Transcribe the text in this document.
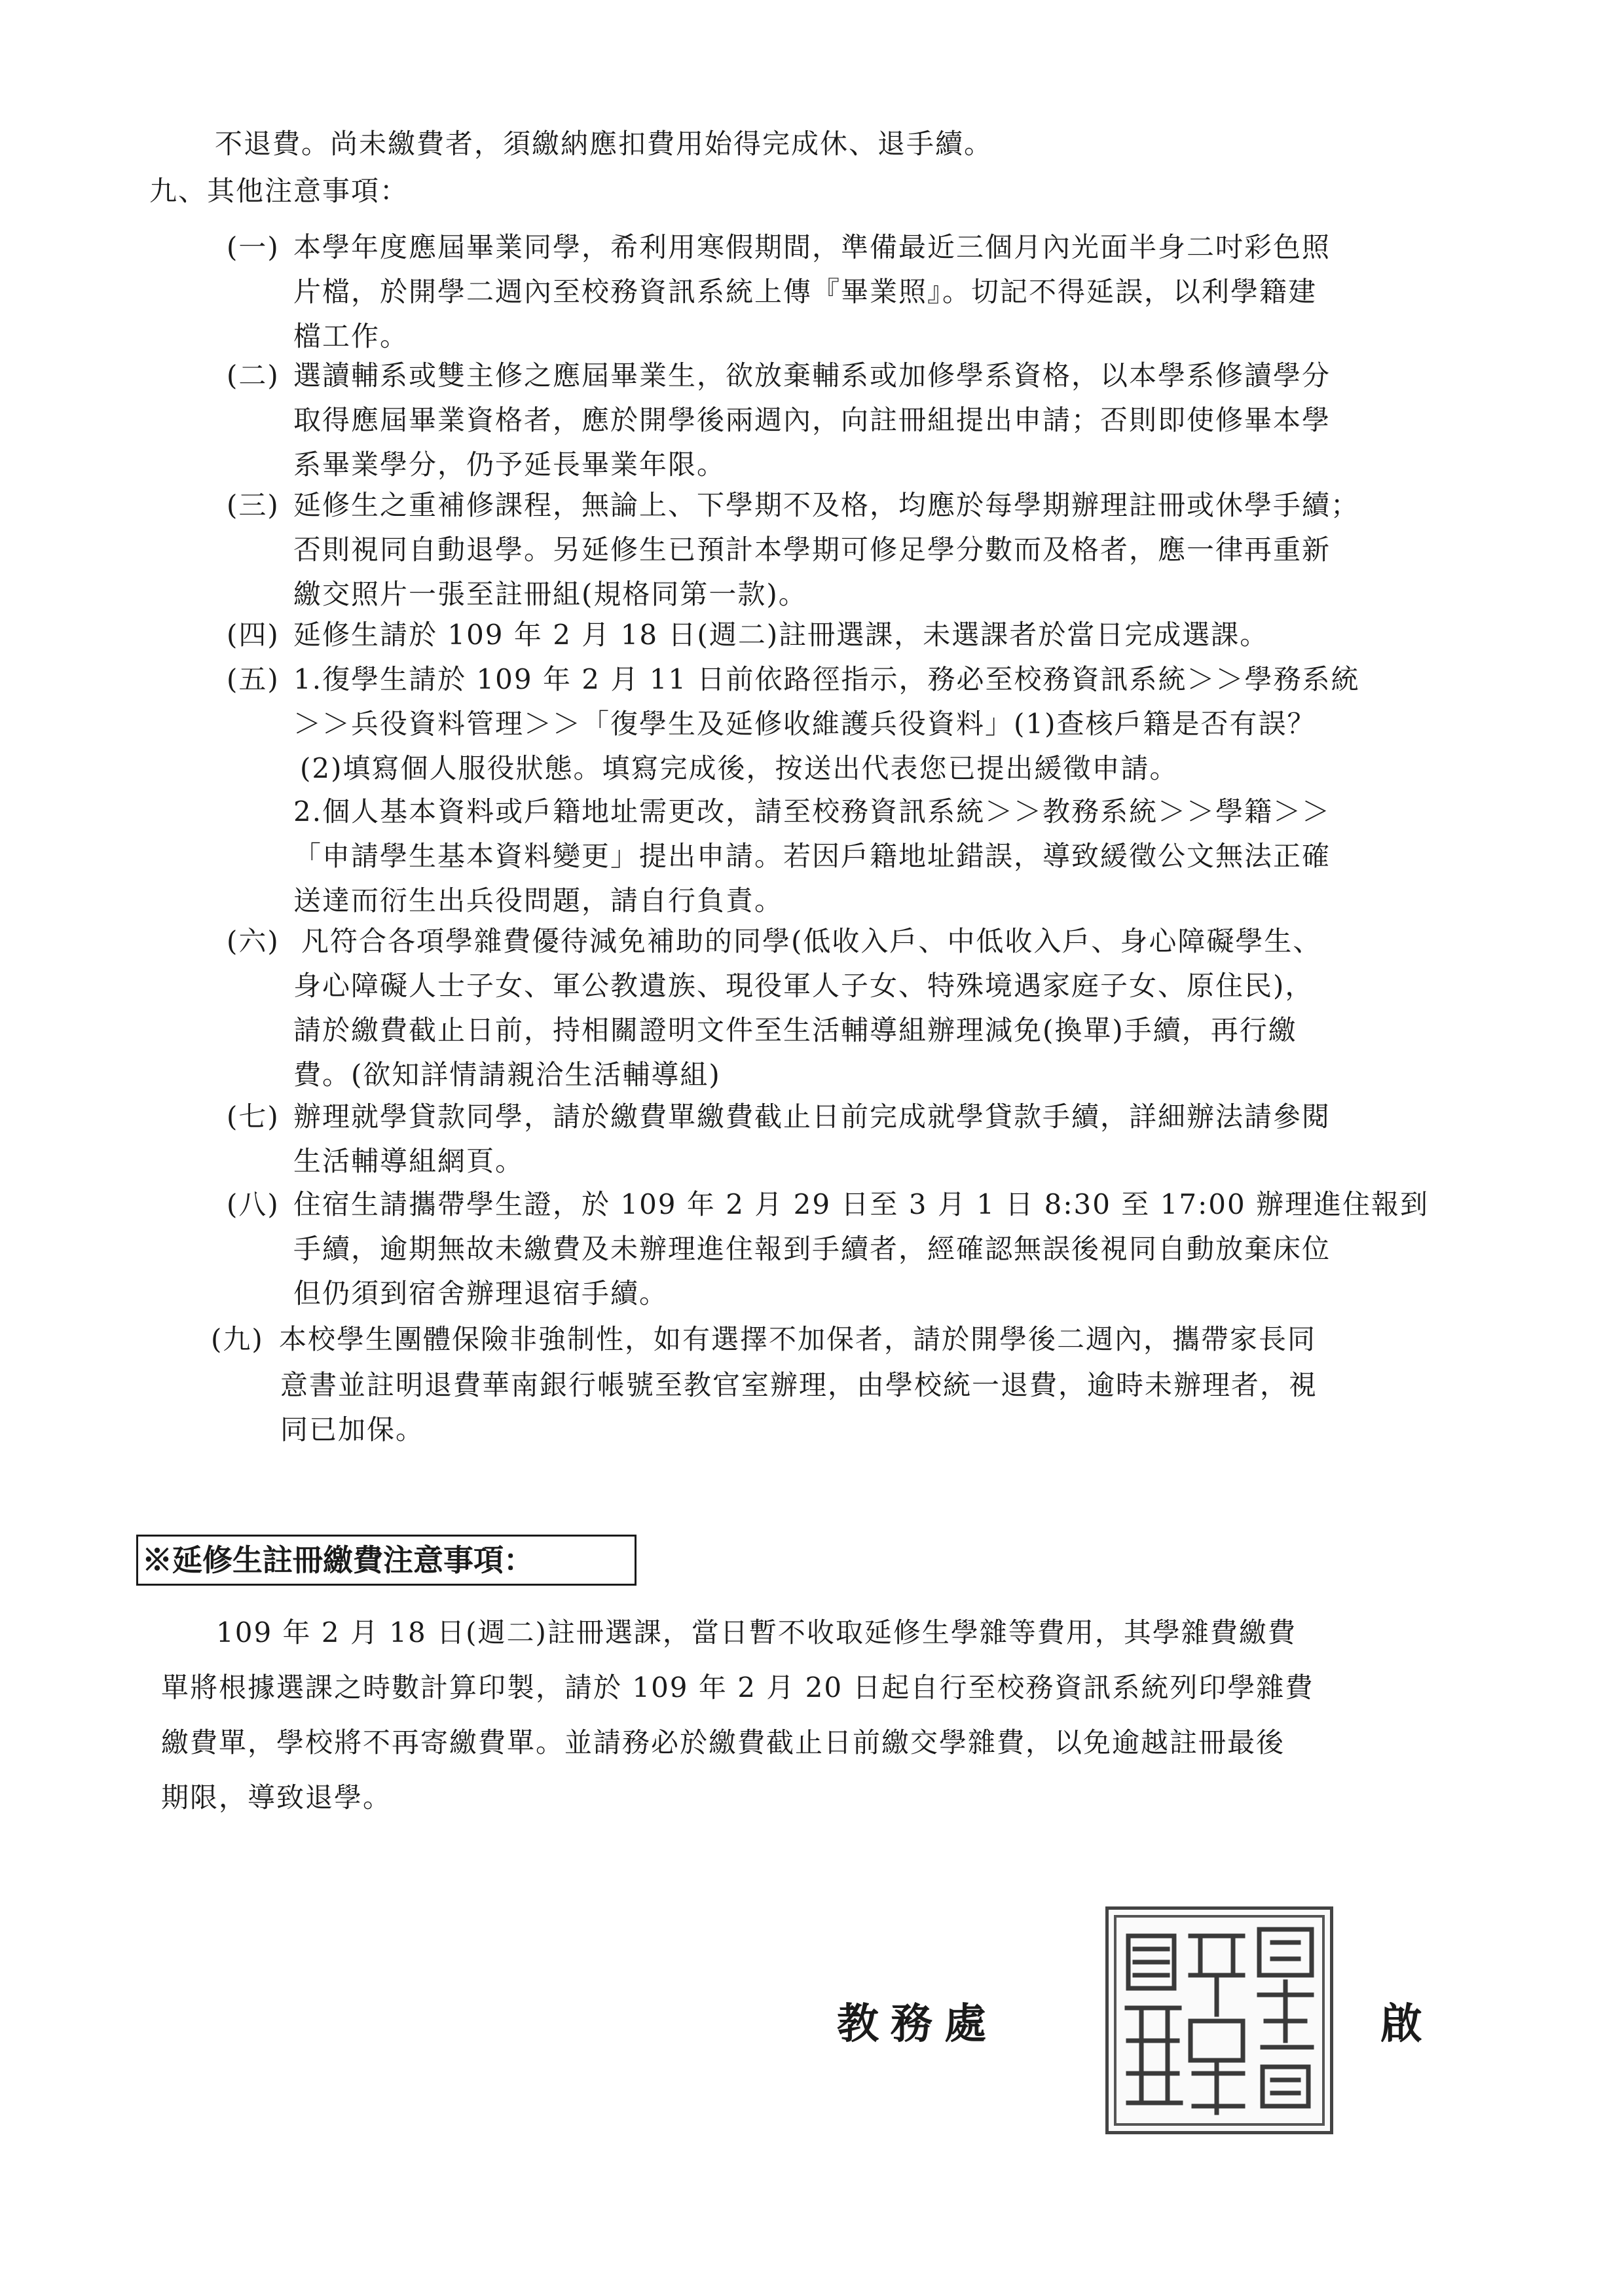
不退費。尚未繳費者，須繳納應扣費用始得完成休、退手續。
九、其他注意事項：
(一) 本學年度應屆畢業同學，希利用寒假期間，準備最近三個月內光面半身二吋彩色照
片檔，於開學二週內至校務資訊系統上傳『畢業照』。切記不得延誤，以利學籍建
檔工作。
(二) 選讀輔系或雙主修之應屆畢業生，欲放棄輔系或加修學系資格，以本學系修讀學分
取得應屆畢業資格者，應於開學後兩週內，向註冊組提出申請；否則即使修畢本學
系畢業學分，仍予延長畢業年限。
(三) 延修生之重補修課程，無論上、下學期不及格，均應於每學期辦理註冊或休學手續；
否則視同自動退學。另延修生已預計本學期可修足學分數而及格者，應一律再重新
繳交照片一張至註冊組(規格同第一款)。
(四) 延修生請於 109 年 2 月 18 日(週二)註冊選課，未選課者於當日完成選課。
(五) 1.復學生請於 109 年 2 月 11 日前依路徑指示，務必至校務資訊系統＞＞學務系統
＞＞兵役資料管理＞＞「復學生及延修收維護兵役資料」(1)查核戶籍是否有誤？
(2)填寫個人服役狀態。填寫完成後，按送出代表您已提出緩徵申請。
2.個人基本資料或戶籍地址需更改，請至校務資訊系統＞＞教務系統＞＞學籍＞＞
「申請學生基本資料變更」提出申請。若因戶籍地址錯誤，導致緩徵公文無法正確
送達而衍生出兵役問題，請自行負責。
(六) 凡符合各項學雜費優待減免補助的同學(低收入戶、中低收入戶、身心障礙學生、
身心障礙人士子女、軍公教遺族、現役軍人子女、特殊境遇家庭子女、原住民)，
請於繳費截止日前，持相關證明文件至生活輔導組辦理減免(換單)手續，再行繳
費。(欲知詳情請親洽生活輔導組)
(七) 辦理就學貸款同學，請於繳費單繳費截止日前完成就學貸款手續，詳細辦法請參閱
生活輔導組網頁。
(八) 住宿生請攜帶學生證，於 109 年 2 月 29 日至 3 月 1 日 8:30 至 17:00 辦理進住報到
手續，逾期無故未繳費及未辦理進住報到手續者，經確認無誤後視同自動放棄床位
但仍須到宿舍辦理退宿手續。
(九) 本校學生團體保險非強制性，如有選擇不加保者，請於開學後二週內，攜帶家長同
意書並註明退費華南銀行帳號至教官室辦理，由學校統一退費，逾時未辦理者，視
同已加保。
※延修生註冊繳費注意事項：
109 年 2 月 18 日(週二)註冊選課，當日暫不收取延修生學雜等費用，其學雜費繳費
單將根據選課之時數計算印製，請於 109 年 2 月 20 日起自行至校務資訊系統列印學雜費
繳費單，學校將不再寄繳費單。並請務必於繳費截止日前繳交學雜費，以免逾越註冊最後
期限，導致退學。
教務處	啟
